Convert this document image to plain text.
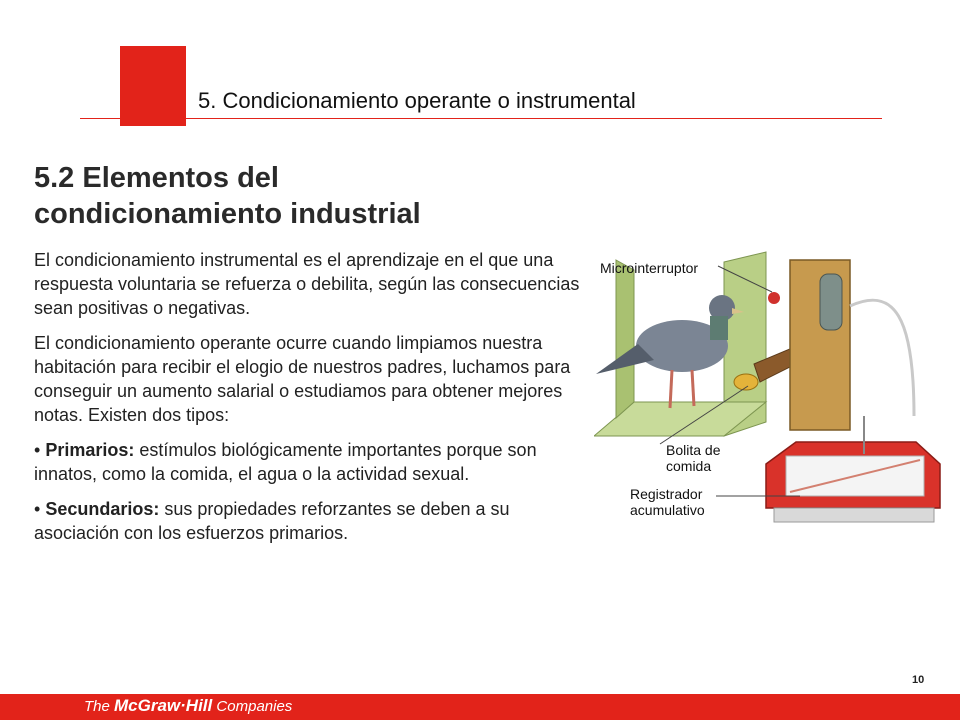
5. Condicionamiento operante o instrumental
5.2 Elementos del
condicionamiento industrial

El condicionamiento instrumental es el aprendizaje en el que una respuesta voluntaria se refuerza o debilita, según las consecuencias sean positivas o negativas.

El condicionamiento operante ocurre cuando limpiamos nuestra habitación para recibir el elogio de nuestros padres, luchamos para conseguir un aumento salarial o estudiamos para obtener mejores notas. Existen dos tipos:

• Primarios: estímulos biológicamente importantes porque son innatos, como la comida, el agua o la actividad sexual.

• Secundarios: sus propiedades reforzantes se deben a su asociación con los esfuerzos primarios.

Microinterruptor
Bolita de
comida
Registrador
acumulativo
10
The McGraw·Hill Companies
